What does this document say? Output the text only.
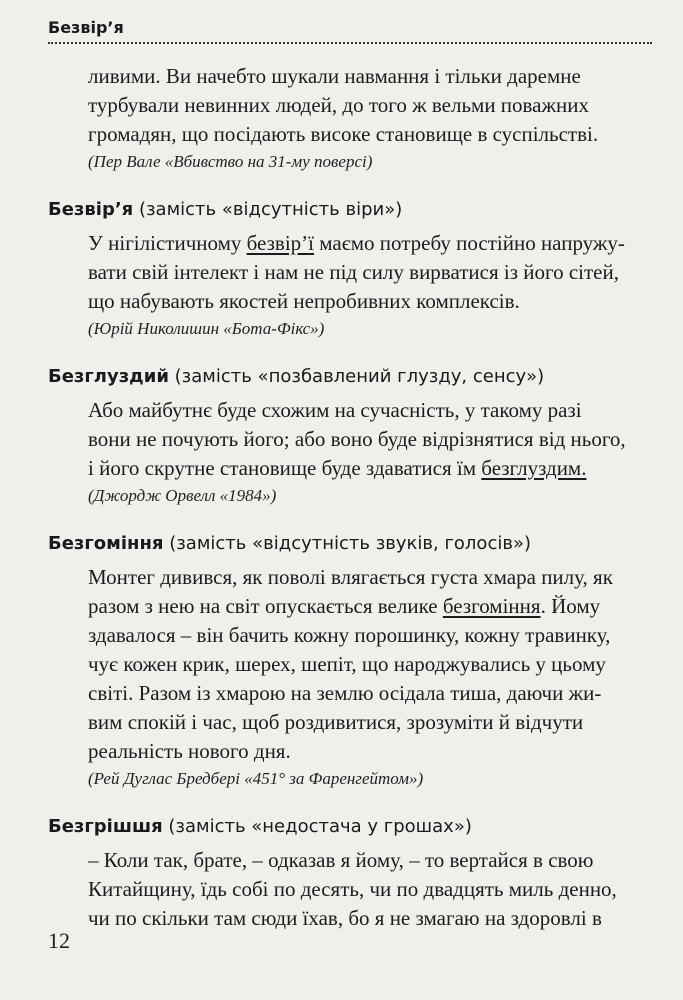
Безвір’я

ливими. Ви начебто шукали навмання і тільки даремне
турбували невинних людей, до того ж вельми поважних
громадян, що посідають високе становище в суспільстві.

(Пер Вале «Вбивство на 31-му поверсі)

Безвір’я (замість «відсутність віри»)

У нігілістичному безвір’ї маємо потребу постійно напружу-
вати свій інтелект і нам не під силу вирватися із його сітей,
що набувають якостей непробивних комплексів.

(Юрій Николишин «Бота-Фікс»)

Безглуздий (замість «позбавлений глузду, сенсу»)

Або майбутнє буде схожим на сучасність, у такому разі
вони не почують його; або воно буде відрізнятися від нього,
і його скрутне становище буде здаватися їм безглуздим.

(Джордж Орвелл «1984»)

Безгоміння (замість «відсутність звуків, голосів»)

Монтег дивився, як поволі влягається густа хмара пилу, як
разом з нею на світ опускається велике безгоміння. Йому
здавалося – він бачить кожну порошинку, кожну травинку,
чує кожен крик, шерех, шепіт, що народжувались у цьому
світі. Разом із хмарою на землю осідала тиша, даючи жи-
вим спокій і час, щоб роздивитися, зрозуміти й відчути
реальність нового дня.

(Рей Дуглас Бредбері «451° за Фаренгейтом»)

Безгрішшя (замість «недостача у грошах»)

– Коли так, брате, – одказав я йому, – то вертайся в свою
Китайщину, їдь собі по десять, чи по двадцять миль денно,
чи по скільки там сюди їхав, бо я не змагаю на здоровлі в

12
